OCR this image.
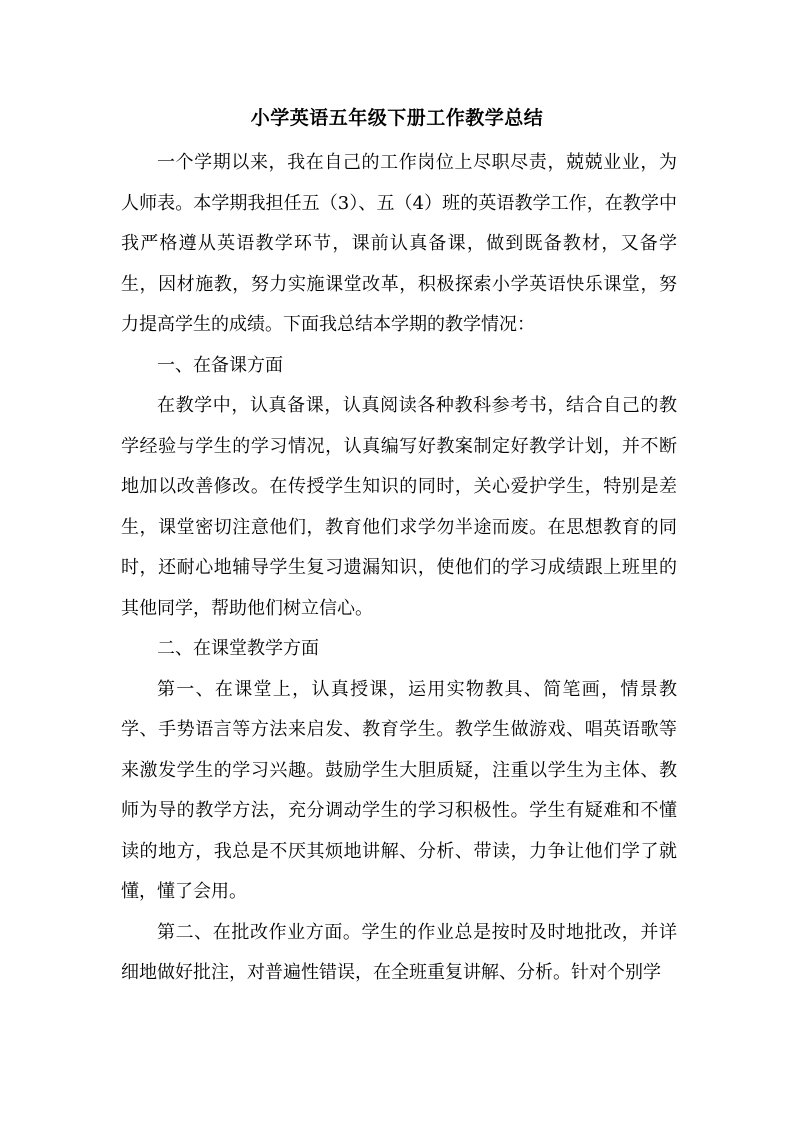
小学英语五年级下册工作教学总结

一个学期以来，我在自己的工作岗位上尽职尽责，兢兢业业，为人师表。本学期我担任五（3）、五（4）班的英语教学工作，在教学中我严格遵从英语教学环节，课前认真备课，做到既备教材，又备学生，因材施教，努力实施课堂改革，积极探索小学英语快乐课堂，努力提高学生的成绩。下面我总结本学期的教学情况：

一、在备课方面

在教学中，认真备课，认真阅读各种教科参考书，结合自己的教学经验与学生的学习情况，认真编写好教案制定好教学计划，并不断地加以改善修改。在传授学生知识的同时，关心爱护学生，特别是差生，课堂密切注意他们，教育他们求学勿半途而废。在思想教育的同时，还耐心地辅导学生复习遗漏知识，使他们的学习成绩跟上班里的其他同学，帮助他们树立信心。

二、在课堂教学方面

第一、在课堂上，认真授课，运用实物教具、简笔画，情景教学、手势语言等方法来启发、教育学生。教学生做游戏、唱英语歌等来激发学生的学习兴趣。鼓励学生大胆质疑，注重以学生为主体、教师为导的教学方法，充分调动学生的学习积极性。学生有疑难和不懂读的地方，我总是不厌其烦地讲解、分析、带读，力争让他们学了就懂，懂了会用。

第二、在批改作业方面。学生的作业总是按时及时地批改，并详细地做好批注，对普遍性错误，在全班重复讲解、分析。针对个别学
